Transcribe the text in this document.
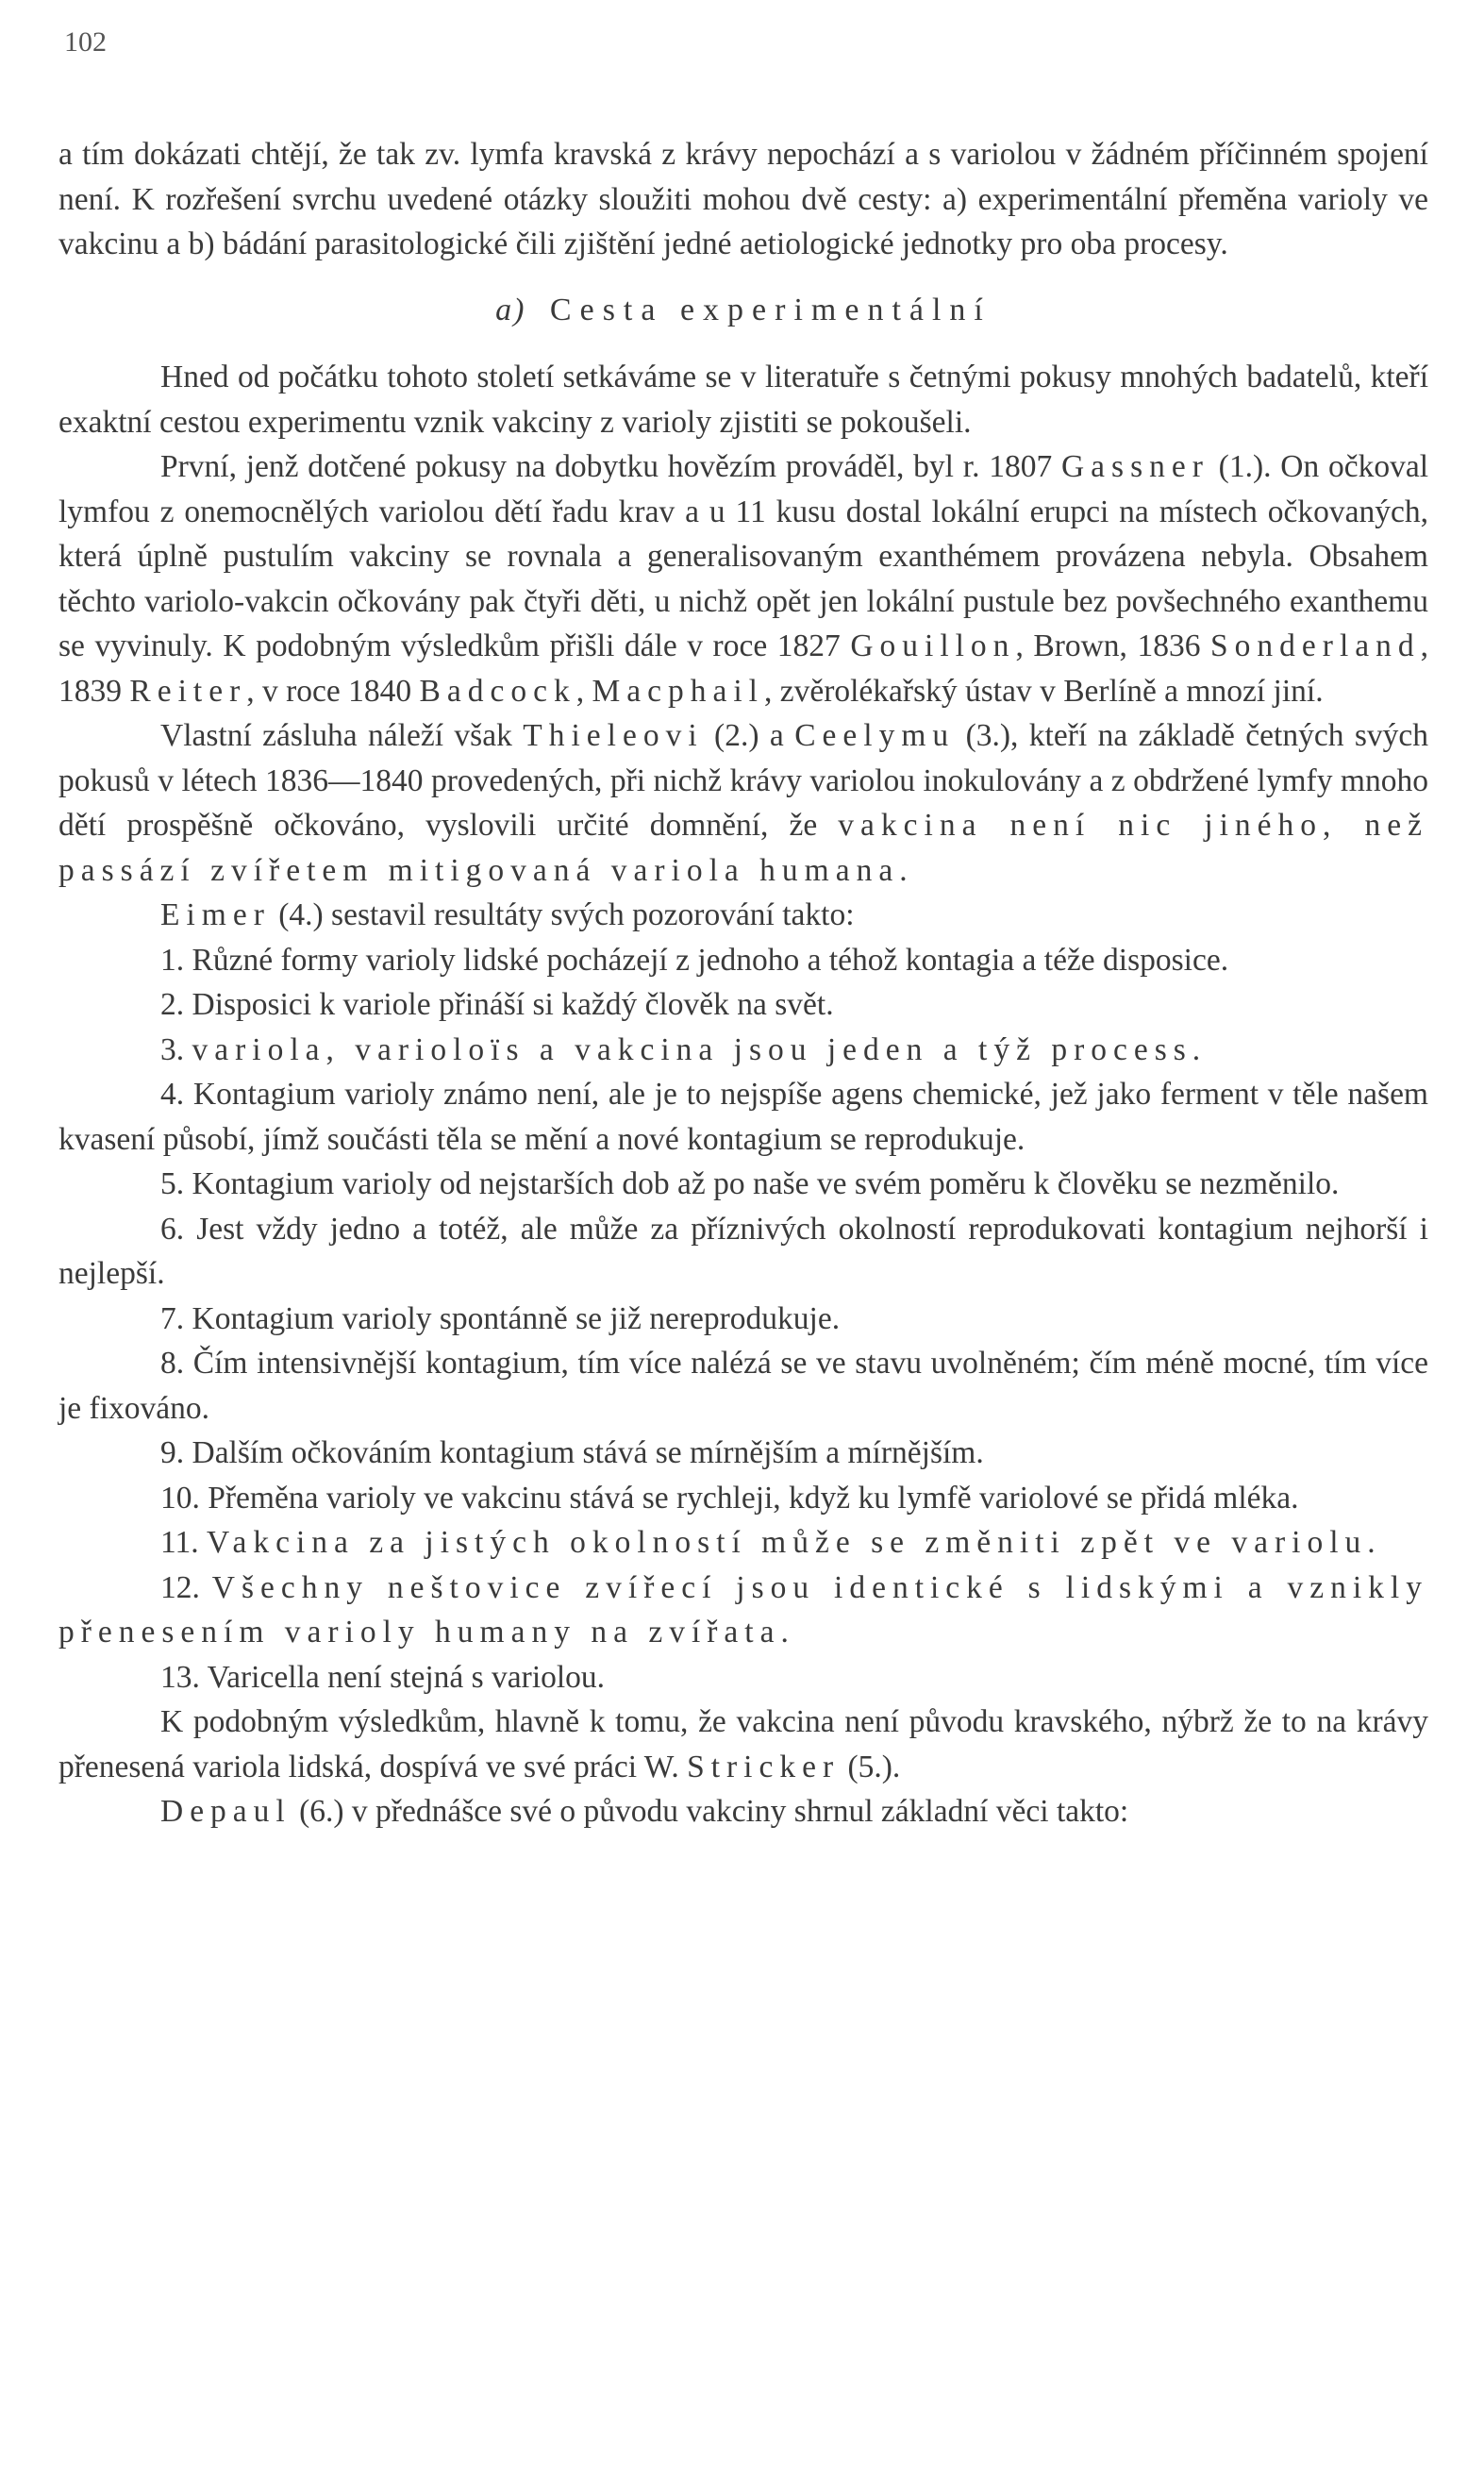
102

a tím dokázati chtějí, že tak zv. lymfa kravská z krávy nepochází a s variolou v žádném příčinném spojení není. K rozřešení svrchu uvedené otázky sloužiti mohou dvě cesty: a) experimentální přeměna varioly ve vakcinu a b) bádání parasitologické čili zjištění jedné aetiologické jednotky pro oba procesy.

a) Cesta experimentální

Hned od počátku tohoto století setkáváme se v literatuře s četnými pokusy mnohých badatelů, kteří exaktní cestou experimentu vznik vakciny z varioly zjistiti se pokoušeli.

První, jenž dotčené pokusy na dobytku hovězím prováděl, byl r. 1807 Gassner (1.). On očkoval lymfou z onemocnělých variolou dětí řadu krav a u 11 kusu dostal lokální erupci na místech očkovaných, která úplně pustulím vakciny se rovnala a generalisovaným exanthémem provázena nebyla. Obsahem těchto variolo-vakcin očkovány pak čtyři děti, u nichž opět jen lokální pustule bez povšechného exanthemu se vyvinuly. K podobným výsledkům přišli dále v roce 1827 Gouillon, Brown, 1836 Sonderland, 1839 Reiter, v roce 1840 Badcock, Macphail, zvěrolékařský ústav v Berlíně a mnozí jiní.

Vlastní zásluha náleží však Thieleovi (2.) a Ceelymu (3.), kteří na základě četných svých pokusů v létech 1836—1840 provedených, při nichž krávy variolou inokulovány a z obdržené lymfy mnoho dětí prospěšně očkováno, vyslovili určité domnění, že vakcina není nic jiného, než passází zvířetem mitigovaná variola humana.

Eimer (4.) sestavil resultáty svých pozorování takto:

1. Různé formy varioly lidské pocházejí z jednoho a téhož kontagia a téže disposice.

2. Disposici k variole přináší si každý člověk na svět.

3. variola, varioloïs a vakcina jsou jeden a týž process.

4. Kontagium varioly známo není, ale je to nejspíše agens chemické, jež jako ferment v těle našem kvasení působí, jímž součásti těla se mění a nové kontagium se reprodukuje.

5. Kontagium varioly od nejstarších dob až po naše ve svém poměru k člověku se nezměnilo.

6. Jest vždy jedno a totéž, ale může za příznivých okolností reprodukovati kontagium nejhorší i nejlepší.

7. Kontagium varioly spontánně se již nereprodukuje.

8. Čím intensivnější kontagium, tím více nalézá se ve stavu uvolněném; čím méně mocné, tím více je fixováno.

9. Dalším očkováním kontagium stává se mírnějším a mírnějším.

10. Přeměna varioly ve vakcinu stává se rychleji, když ku lymfě variolové se přidá mléka.

11. Vakcina za jistých okolností může se změniti zpět ve variolu.

12. Všechny neštovice zvířecí jsou identické s lidskými a vznikly přenesením varioly humany na zvířata.

13. Varicella není stejná s variolou.

K podobným výsledkům, hlavně k tomu, že vakcina není původu kravského, nýbrž že to na krávy přenesená variola lidská, dospívá ve své práci W. Stricker (5.).

Depaul (6.) v přednášce své o původu vakciny shrnul základní věci takto:
